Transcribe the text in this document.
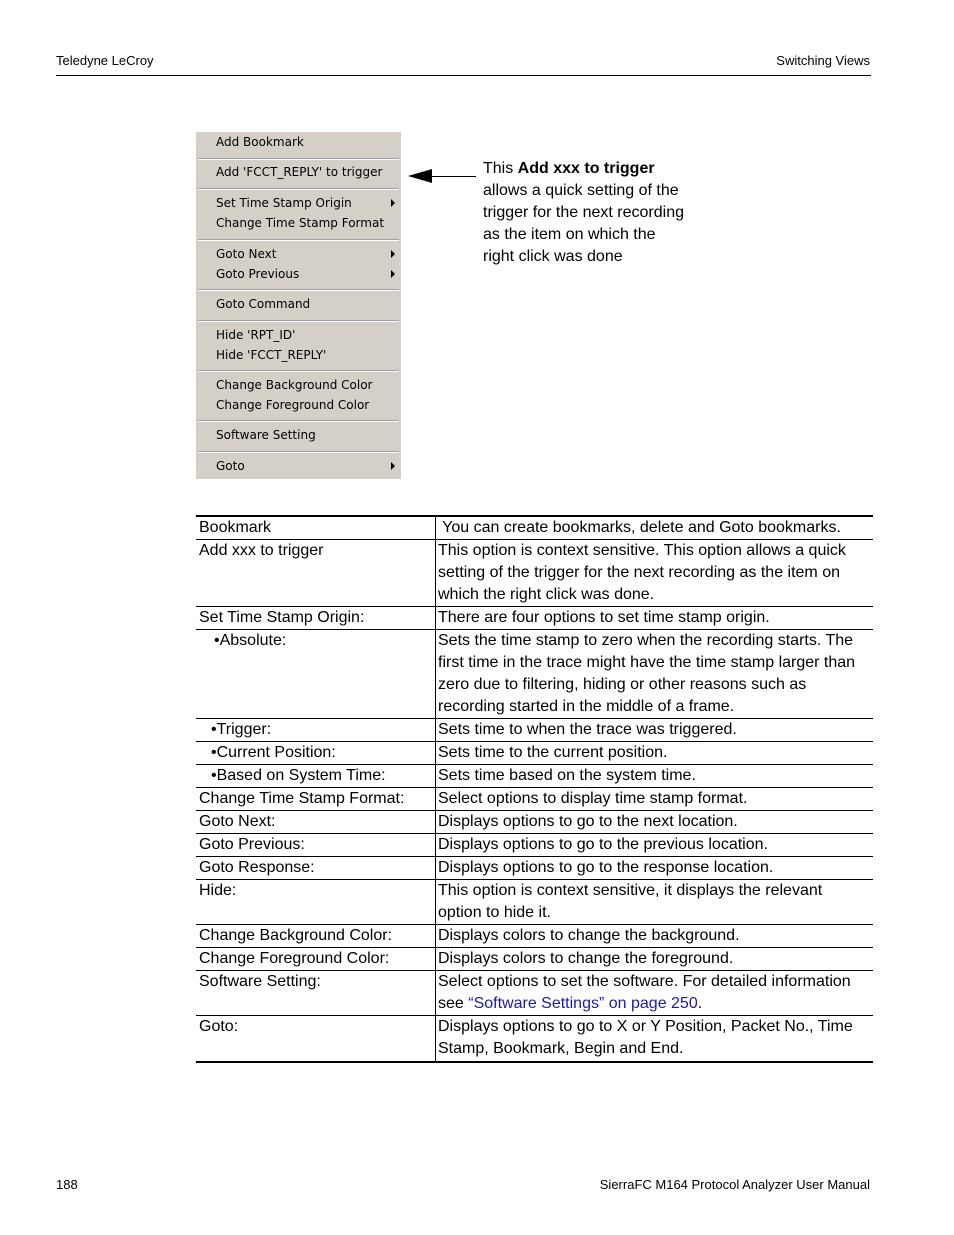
Teledyne LeCroy	Switching Views
Add Bookmark
Add 'FCCT_REPLY' to trigger
Set Time Stamp Origin
Change Time Stamp Format
Goto Next
Goto Previous
Goto Command
Hide 'RPT_ID'
Hide 'FCCT_REPLY'
Change Background Color
Change Foreground Color
Software Setting
Goto
This Add xxx to trigger
allows a quick setting of the
trigger for the next recording
as the item on which the
right click was done
Bookmark	You can create bookmarks, delete and Goto bookmarks.
Add xxx to trigger	This option is context sensitive. This option allows a quick setting of the trigger for the next recording as the item on which the right click was done.
Set Time Stamp Origin:	There are four options to set time stamp origin.
•Absolute:	Sets the time stamp to zero when the recording starts. The first time in the trace might have the time stamp larger than zero due to filtering, hiding or other reasons such as recording started in the middle of a frame.
•Trigger:	Sets time to when the trace was triggered.
•Current Position:	Sets time to the current position.
•Based on System Time:	Sets time based on the system time.
Change Time Stamp Format:	Select options to display time stamp format.
Goto Next:	Displays options to go to the next location.
Goto Previous:	Displays options to go to the previous location.
Goto Response:	Displays options to go to the response location.
Hide:	This option is context sensitive, it displays the relevant option to hide it.
Change Background Color:	Displays colors to change the background.
Change Foreground Color:	Displays colors to change the foreground.
Software Setting:	Select options to set the software. For detailed information see “Software Settings” on page 250.
Goto:	Displays options to go to X or Y Position, Packet No., Time Stamp, Bookmark, Begin and End.
188	SierraFC M164 Protocol Analyzer User Manual
